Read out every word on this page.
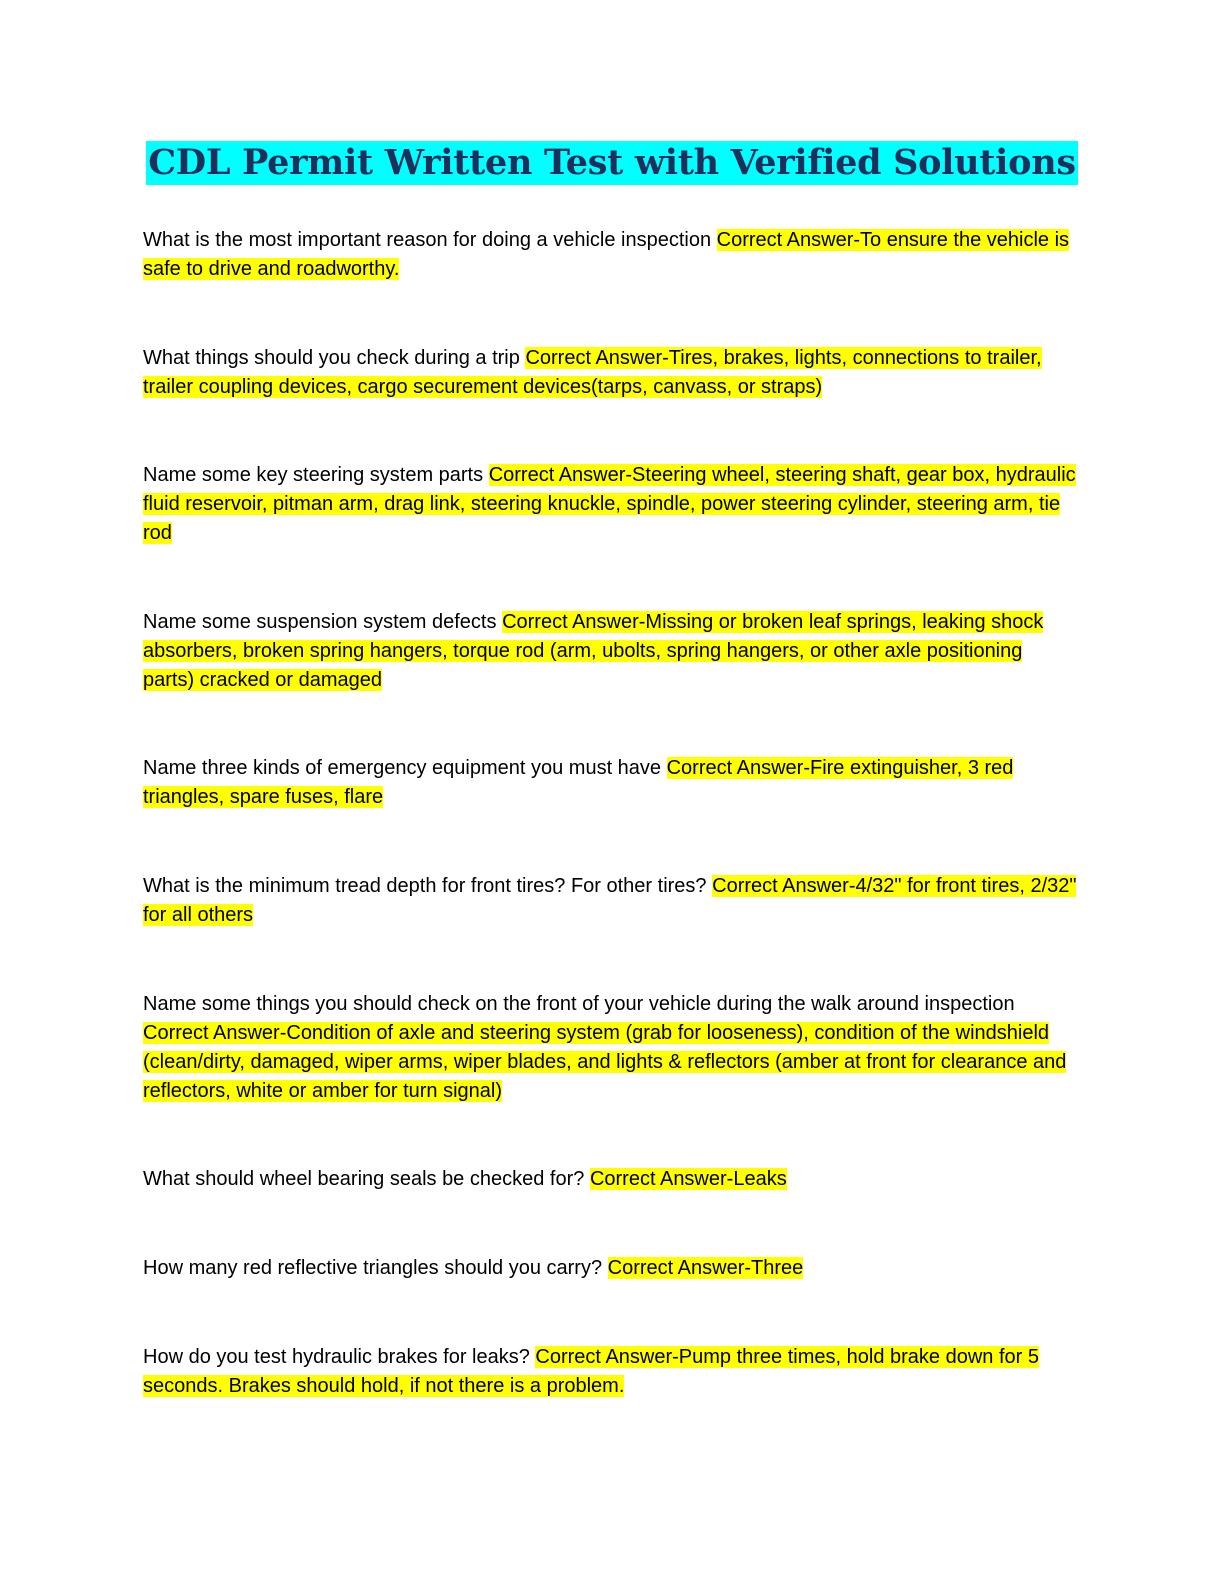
CDL Permit Written Test with Verified Solutions

What is the most important reason for doing a vehicle inspection Correct Answer-To ensure the vehicle is safe to drive and roadworthy.

What things should you check during a trip Correct Answer-Tires, brakes, lights, connections to trailer, trailer coupling devices, cargo securement devices(tarps, canvass, or straps)

Name some key steering system parts Correct Answer-Steering wheel, steering shaft, gear box, hydraulic fluid reservoir, pitman arm, drag link, steering knuckle, spindle, power steering cylinder, steering arm, tie rod

Name some suspension system defects Correct Answer-Missing or broken leaf springs, leaking shock absorbers, broken spring hangers, torque rod (arm, ubolts, spring hangers, or other axle positioning parts) cracked or damaged

Name three kinds of emergency equipment you must have Correct Answer-Fire extinguisher, 3 red triangles, spare fuses, flare

What is the minimum tread depth for front tires? For other tires? Correct Answer-4/32" for front tires, 2/32" for all others

Name some things you should check on the front of your vehicle during the walk around inspection Correct Answer-Condition of axle and steering system (grab for looseness), condition of the windshield (clean/dirty, damaged, wiper arms, wiper blades, and lights & reflectors (amber at front for clearance and reflectors, white or amber for turn signal)

What should wheel bearing seals be checked for? Correct Answer-Leaks

How many red reflective triangles should you carry? Correct Answer-Three

How do you test hydraulic brakes for leaks? Correct Answer-Pump three times, hold brake down for 5 seconds. Brakes should hold, if not there is a problem.
